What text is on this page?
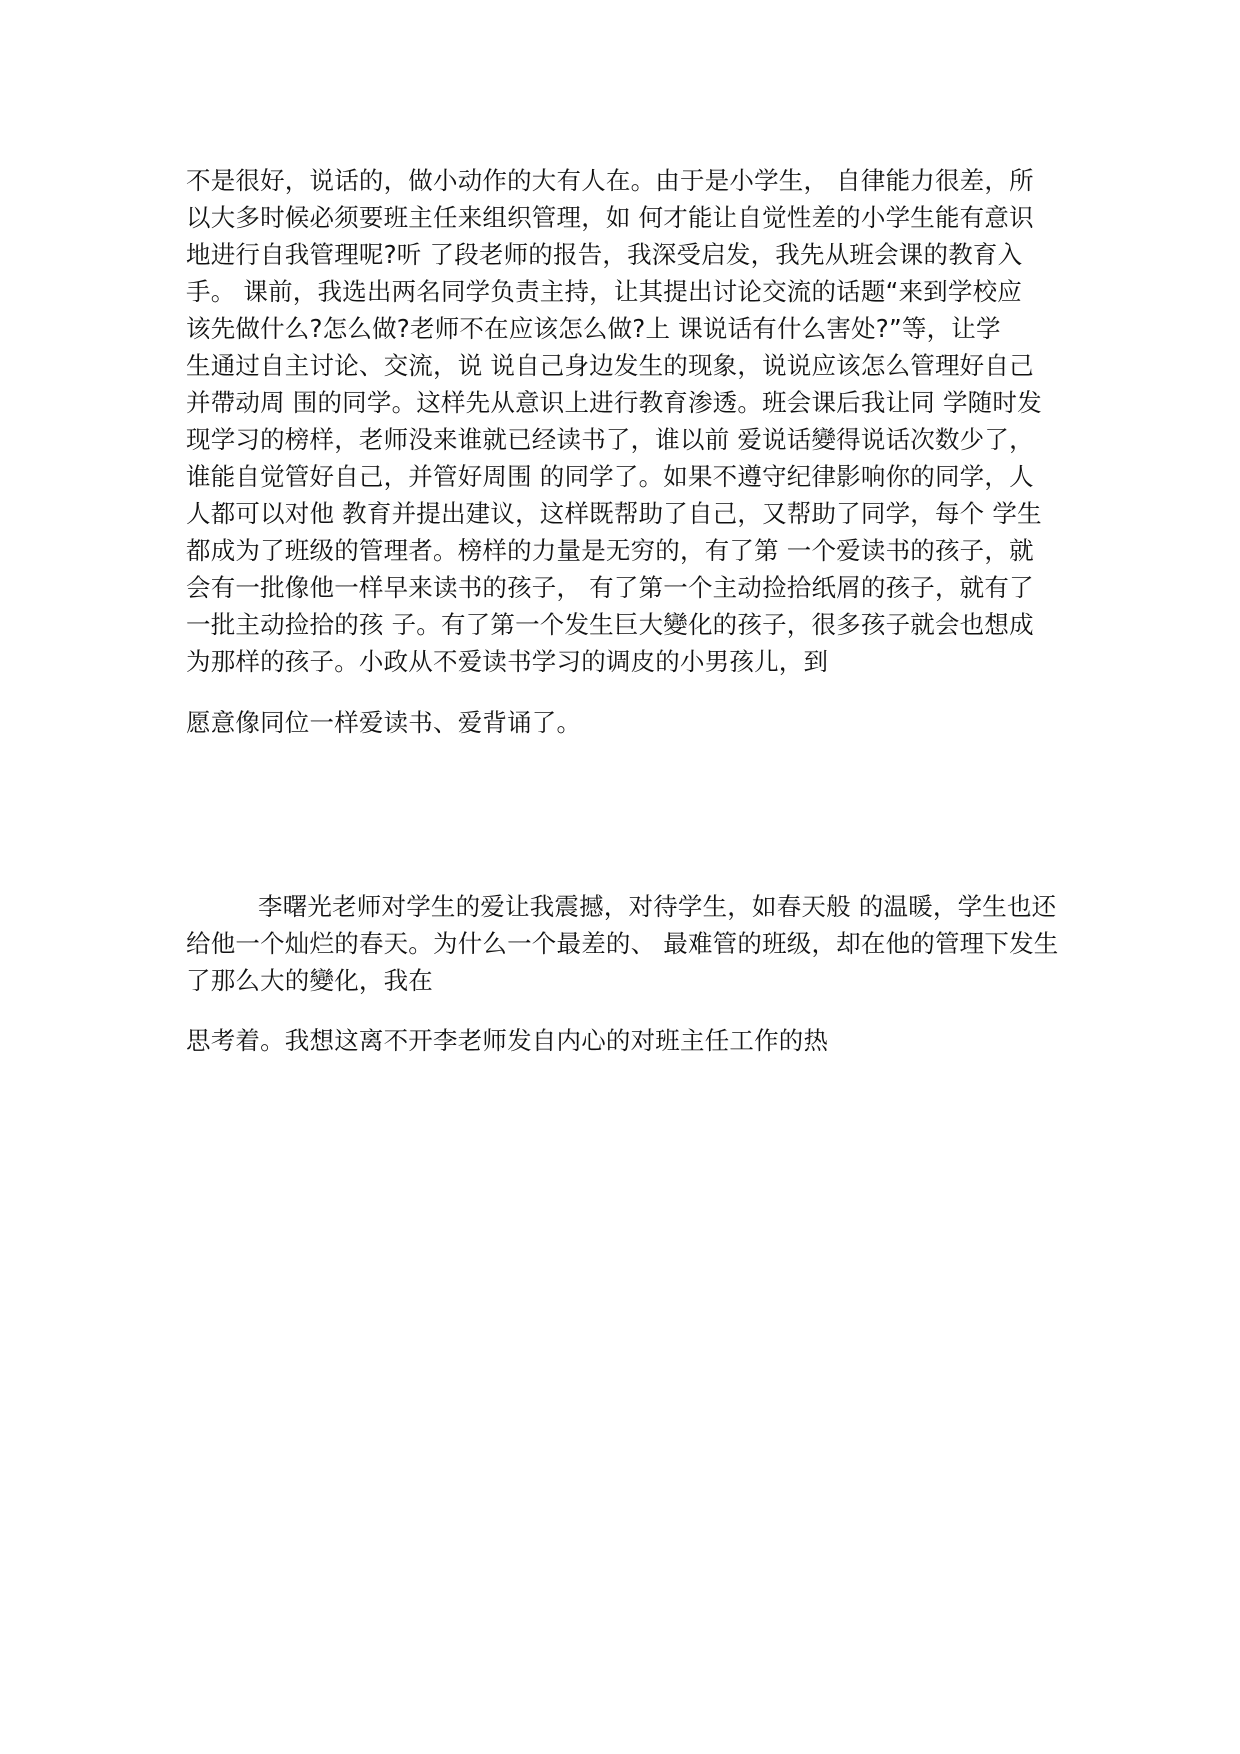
不是很好，说话的，做小动作的大有人在。由于是小学生， 自律能力很差，所
以大多时候必须要班主任来组织管理，如 何才能让自觉性差的小学生能有意识
地进行自我管理呢?听 了段老师的报告，我深受启发，我先从班会课的教育入
手。 课前，我选出两名同学负责主持，让其提出讨论交流的话题“来到学校应
该先做什么?怎么做?老师不在应该怎么做?上 课说话有什么害处?”等，让学
生通过自主讨论、交流，说 说自己身边发生的现象，说说应该怎么管理好自己
并帶动周 围的同学。这样先从意识上进行教育渗透。班会课后我让同 学随时发
现学习的榜样，老师没来谁就已经读书了，谁以前 爱说话變得说话次数少了，
谁能自觉管好自己，并管好周围 的同学了。如果不遵守纪律影响你的同学，人
人都可以对他 教育并提出建议，这样既帮助了自己，又帮助了同学，每个 学生
都成为了班级的管理者。榜样的力量是无穷的，有了第 一个爱读书的孩子，就
会有一批像他一样早来读书的孩子， 有了第一个主动捡拾纸屑的孩子，就有了
一批主动捡拾的孩 子。有了第一个发生巨大變化的孩子，很多孩子就会也想成
为那样的孩子。小政从不爱读书学习的调皮的小男孩儿，到
愿意像同位一样爱读书、爱背诵了。
李曙光老师对学生的爱让我震撼，对待学生，如春天般 的温暖，学生也还
给他一个灿烂的春天。为什么一个最差的、 最难管的班级，却在他的管理下发生
了那么大的變化，我在
思考着。我想这离不开李老师发自内心的对班主任工作的热
